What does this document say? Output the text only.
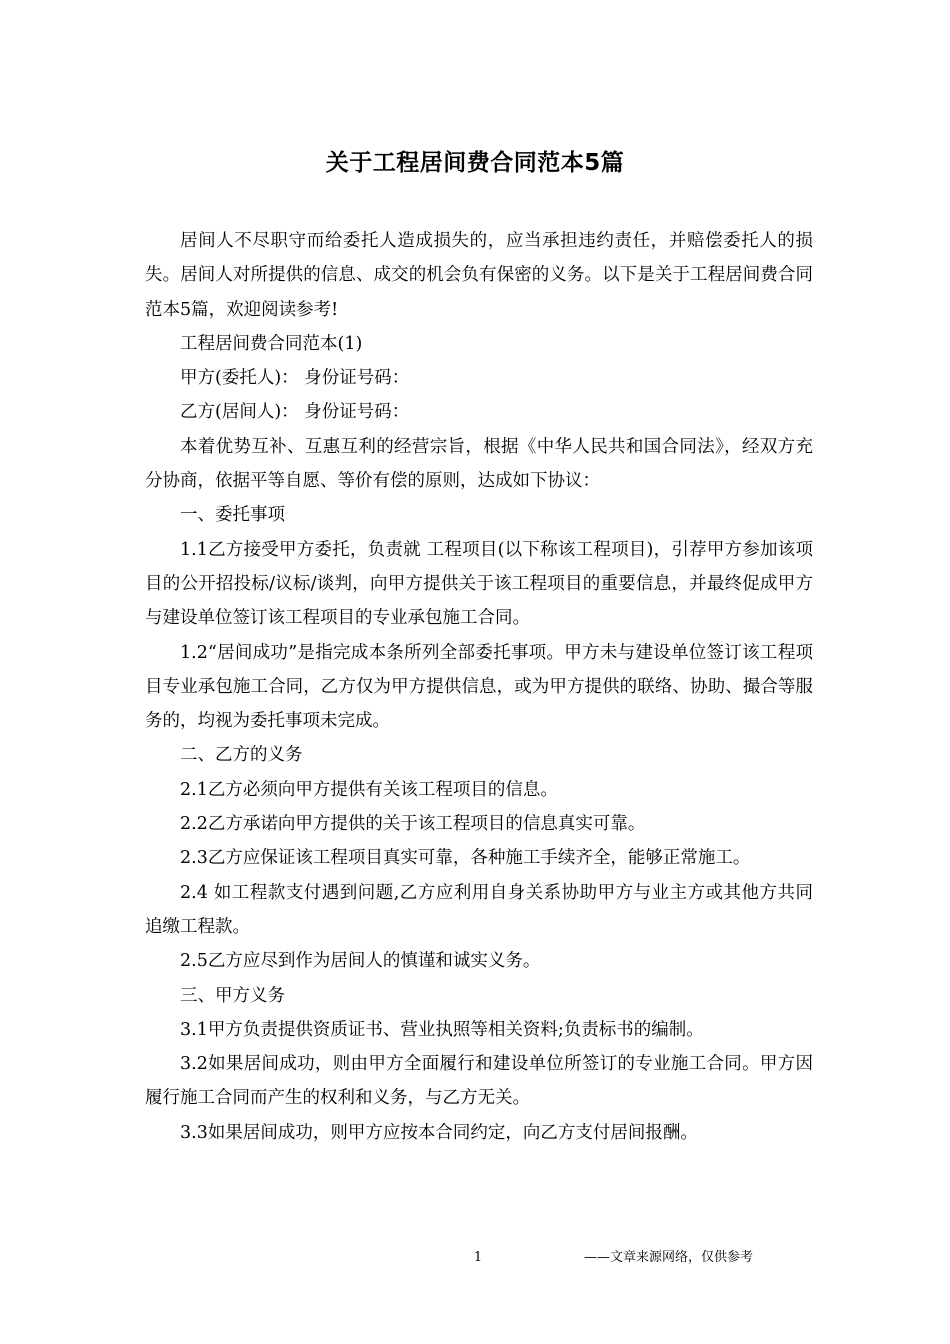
关于工程居间费合同范本5篇

居间人不尽职守而给委托人造成损失的，应当承担违约责任，并赔偿委托人的损失。居间人对所提供的信息、成交的机会负有保密的义务。以下是关于工程居间费合同范本5篇，欢迎阅读参考!

工程居间费合同范本(1)

甲方(委托人)： 身份证号码：

乙方(居间人)： 身份证号码：

本着优势互补、互惠互利的经营宗旨，根据《中华人民共和国合同法》，经双方充分协商，依据平等自愿、等价有偿的原则，达成如下协议：

一、委托事项

1.1乙方接受甲方委托，负责就 工程项目(以下称该工程项目)，引荐甲方参加该项目的公开招投标/议标/谈判，向甲方提供关于该工程项目的重要信息，并最终促成甲方与建设单位签订该工程项目的专业承包施工合同。

1.2“居间成功”是指完成本条所列全部委托事项。甲方未与建设单位签订该工程项目专业承包施工合同，乙方仅为甲方提供信息，或为甲方提供的联络、协助、撮合等服务的，均视为委托事项未完成。

二、乙方的义务

2.1乙方必须向甲方提供有关该工程项目的信息。

2.2乙方承诺向甲方提供的关于该工程项目的信息真实可靠。

2.3乙方应保证该工程项目真实可靠，各种施工手续齐全，能够正常施工。

2.4 如工程款支付遇到问题,乙方应利用自身关系协助甲方与业主方或其他方共同追缴工程款。

2.5乙方应尽到作为居间人的慎谨和诚实义务。

三、甲方义务

3.1甲方负责提供资质证书、营业执照等相关资料;负责标书的编制。

3.2如果居间成功，则由甲方全面履行和建设单位所签订的专业施工合同。甲方因履行施工合同而产生的权利和义务，与乙方无关。

3.3如果居间成功，则甲方应按本合同约定，向乙方支付居间报酬。

1	——文章来源网络，仅供参考
